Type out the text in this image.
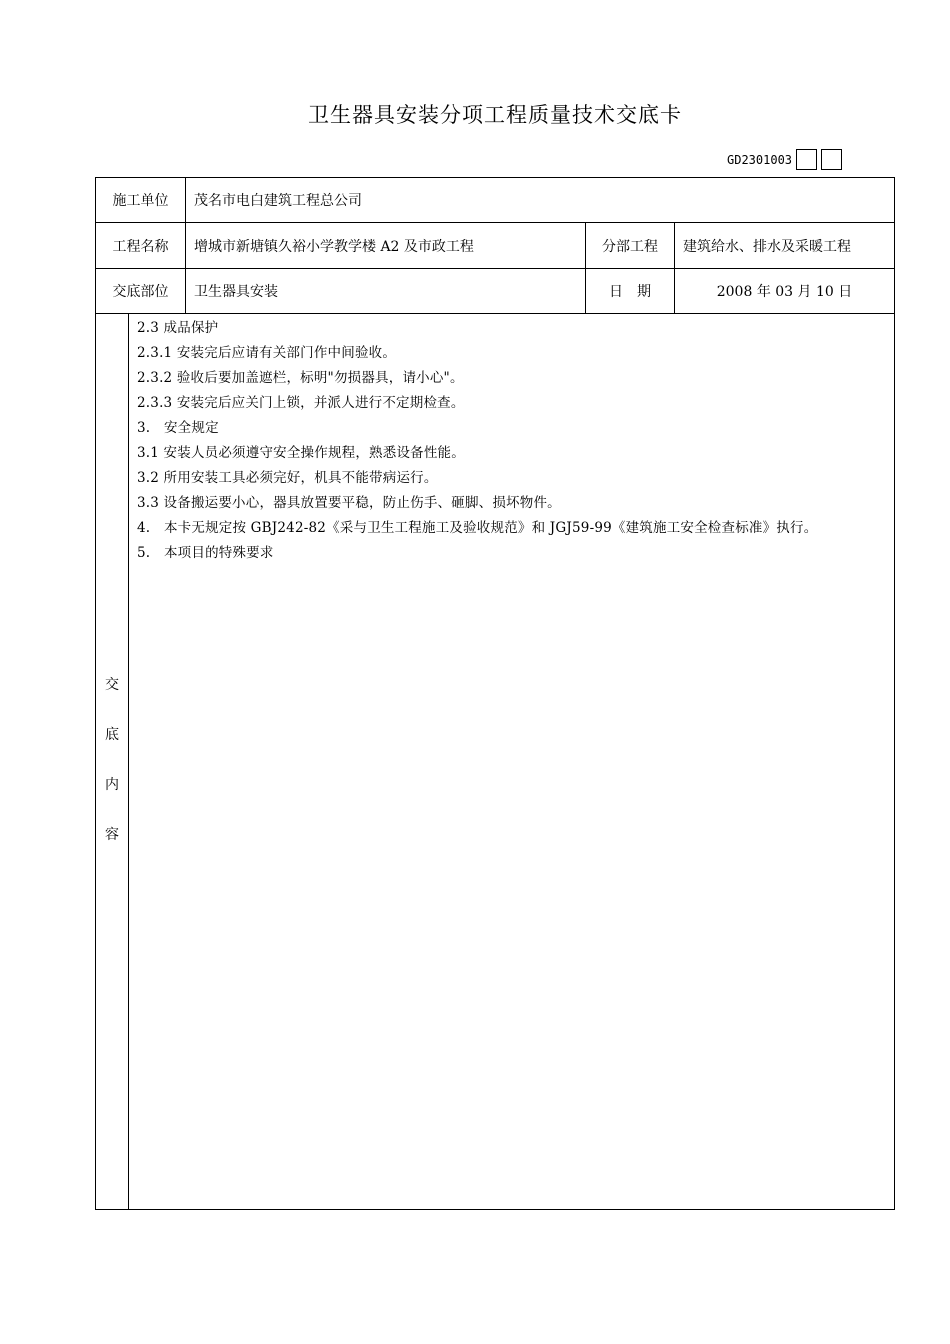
卫生器具安装分项工程质量技术交底卡
GD2301003
施工单位	茂名市电白建筑工程总公司		
工程名称	增城市新塘镇久裕小学教学楼 A2 及市政工程	分部工程	建筑给水、排水及采暖工程
交底部位	卫生器具安装	日　期	2008 年 03 月 10 日
交
底
内
容

2.3 成品保护

2.3.1 安装完后应请有关部门作中间验收。

2.3.2 验收后要加盖遮栏，标明"勿损器具，请小心"。

2.3.3 安装完后应关门上锁，并派人进行不定期检查。

3.　安全规定

3.1 安装人员必须遵守安全操作规程，熟悉设备性能。

3.2 所用安装工具必须完好，机具不能带病运行。

3.3 设备搬运要小心，器具放置要平稳，防止伤手、砸脚、损坏物件。

4.　本卡无规定按 GBJ242-82《采与卫生工程施工及验收规范》和 JGJ59-99《建筑施工安全检查标准》执行。

5.　本项目的特殊要求
